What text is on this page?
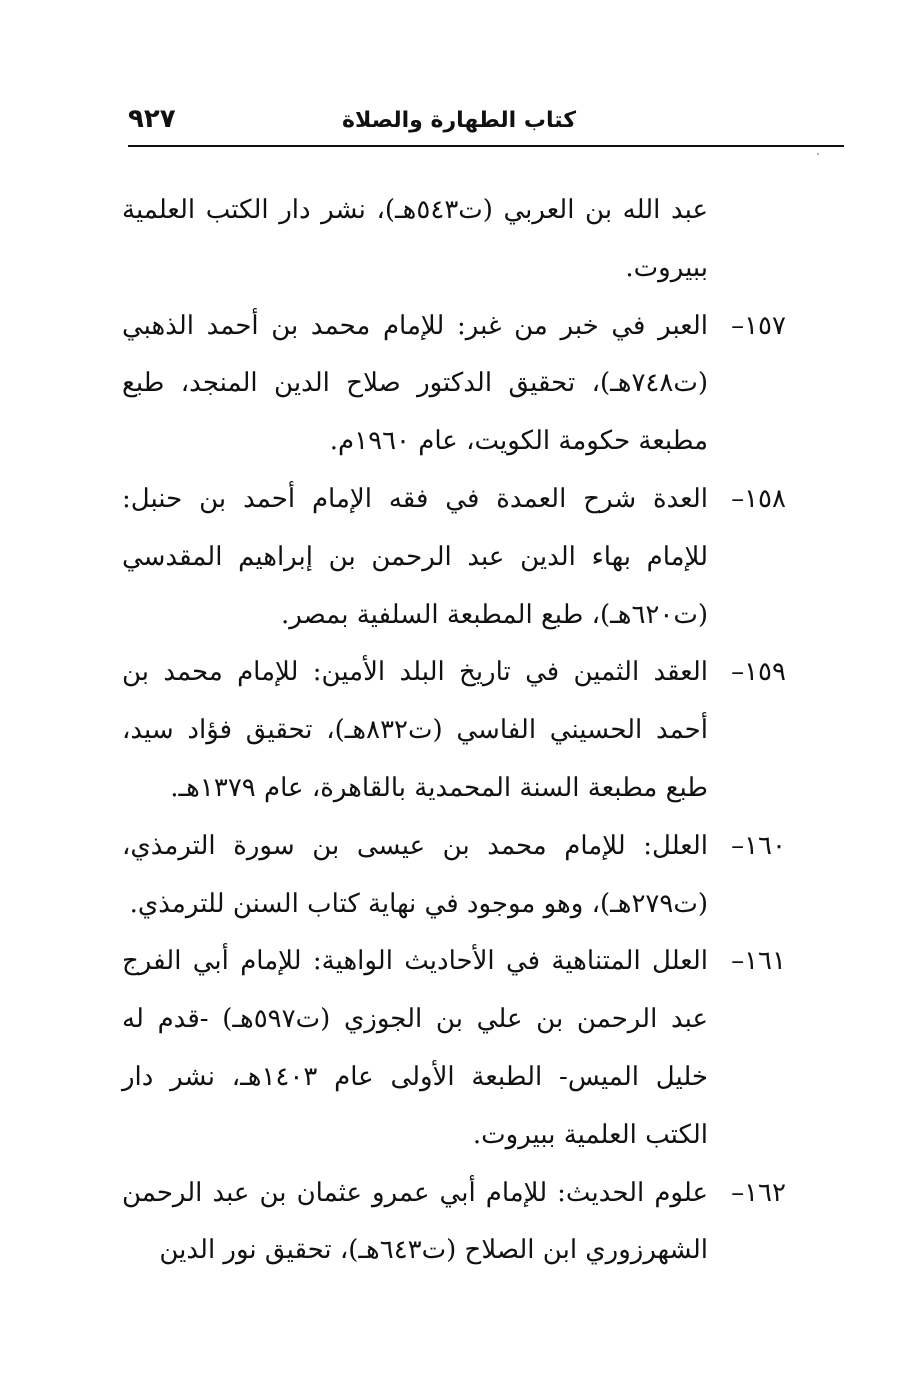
كتاب الطهارة والصلاة
٩٢٧
عبد الله بن العربي (ت٥٤٣هـ)، نشر دار الكتب العلمية ببيروت.
١٥٧–
العبر في خبر من غبر: للإمام محمد بن أحمد الذهبي (ت٧٤٨هـ)، تحقيق الدكتور صلاح الدين المنجد، طبع مطبعة حكومة الكويت، عام ١٩٦٠م.
١٥٨–
العدة شرح العمدة في فقه الإمام أحمد بن حنبل: للإمام بهاء الدين عبد الرحمن بن إبراهيم المقدسي (ت٦٢٠هـ)، طبع المطبعة السلفية بمصر.
١٥٩–
العقد الثمين في تاريخ البلد الأمين: للإمام محمد بن أحمد الحسيني الفاسي (ت٨٣٢هـ)، تحقيق فؤاد سيد، طبع مطبعة السنة المحمدية بالقاهرة، عام ١٣٧٩هـ.
١٦٠–
العلل: للإمام محمد بن عيسى بن سورة الترمذي، (ت٢٧٩هـ)، وهو موجود في نهاية كتاب السنن للترمذي.
١٦١–
العلل المتناهية في الأحاديث الواهية: للإمام أبي الفرج عبد الرحمن بن علي بن الجوزي (ت٥٩٧هـ) -قدم له خليل الميس- الطبعة الأولى عام ١٤٠٣هـ، نشر دار الكتب العلمية ببيروت.
١٦٢–
علوم الحديث: للإمام أبي عمرو عثمان بن عبد الرحمن الشهرزوري ابن الصلاح (ت٦٤٣هـ)، تحقيق نور الدين
